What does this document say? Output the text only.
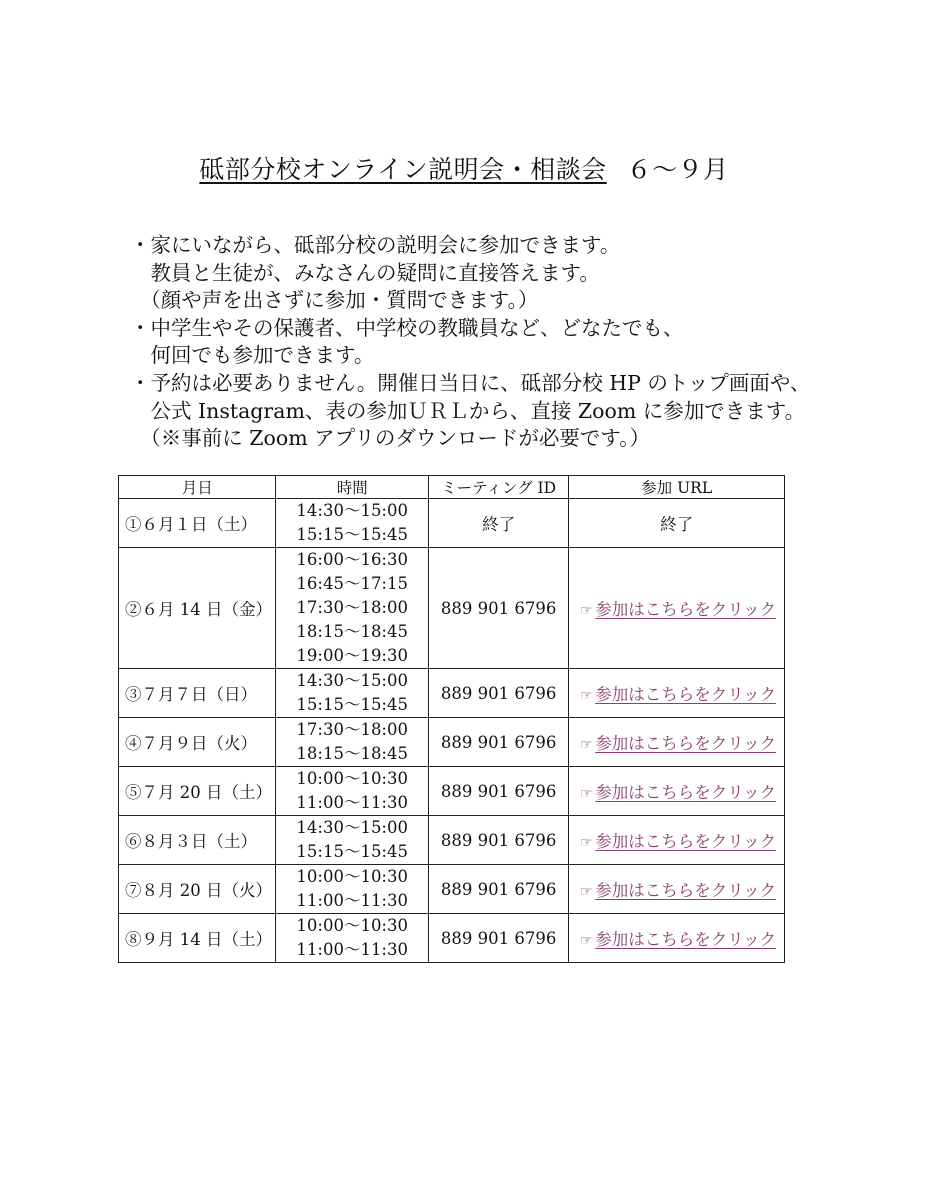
砥部分校オンライン説明会・相談会 ６～９月

・家にいながら、砥部分校の説明会に参加できます。

　教員と生徒が、みなさんの疑問に直接答えます。

　（顔や声を出さずに参加・質問できます。）

・中学生やその保護者、中学校の教職員など、どなたでも、

　何回でも参加できます。

・予約は必要ありません。開催日当日に、砥部分校 HP のトップ画面や、

　公式 Instagram、表の参加ＵＲＬから、直接 Zoom に参加できます。

　（※事前に Zoom アプリのダウンロードが必要です。）

月日	時間	ミーティング ID	参加 URL
①６月１日（土）	14:30～15:00
15:15～15:45	終了	終了
②６月 14 日（金）	16:00～16:30
16:45～17:15
17:30～18:00
18:15～18:45
19:00～19:30	889 901 6796	☞ 参加はこちらをクリック
③７月７日（日）	14:30～15:00
15:15～15:45	889 901 6796	☞ 参加はこちらをクリック
④７月９日（火）	17:30～18:00
18:15～18:45	889 901 6796	☞ 参加はこちらをクリック
⑤７月 20 日（土）	10:00～10:30
11:00～11:30	889 901 6796	☞ 参加はこちらをクリック
⑥８月３日（土）	14:30～15:00
15:15～15:45	889 901 6796	☞ 参加はこちらをクリック
⑦８月 20 日（火）	10:00～10:30
11:00～11:30	889 901 6796	☞ 参加はこちらをクリック
⑧９月 14 日（土）	10:00～10:30
11:00～11:30	889 901 6796	☞ 参加はこちらをクリック
